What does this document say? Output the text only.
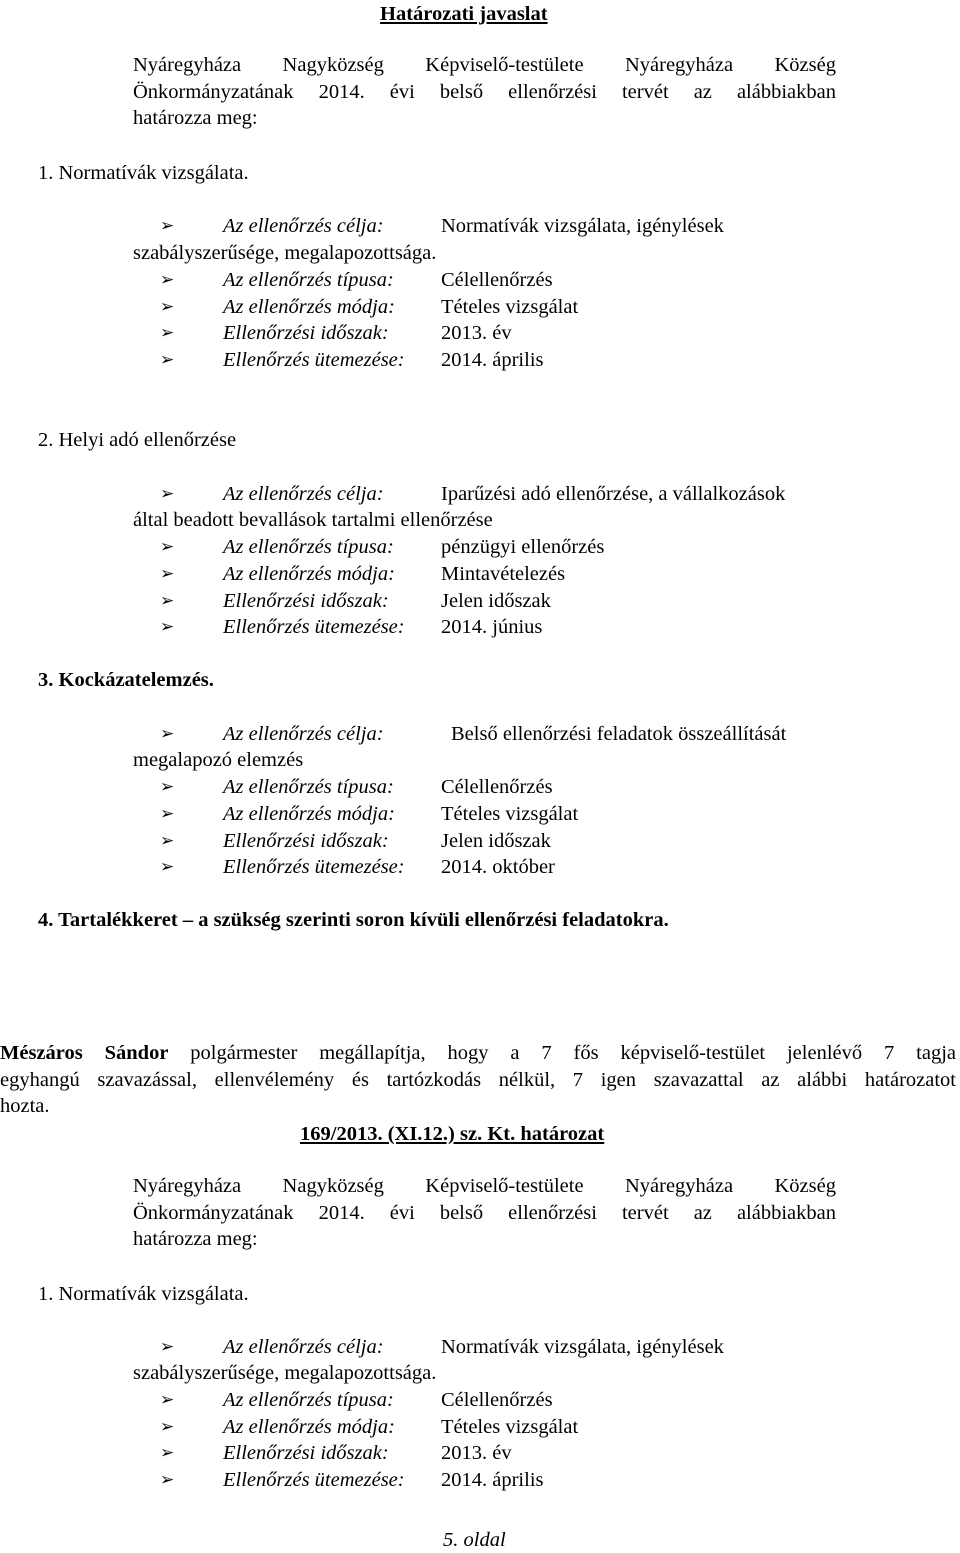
Határozati javaslat
Nyáregyháza Nagyközség Képviselő-testülete Nyáregyháza Község
Önkormányzatának 2014. évi belső ellenőrzési tervét az alábbiakban
határozza meg:
1. Normatívák vizsgálata.
➢ Az ellenőrzés célja:	Normatívák vizsgálata, igénylések
szabályszerűsége, megalapozottsága.
➢ Az ellenőrzés típusa: Célellenőrzés
➢ Az ellenőrzés módja: Tételes vizsgálat
➢ Ellenőrzési időszak:	2013. év
➢ Ellenőrzés ütemezése: 2014. április
2. Helyi adó ellenőrzése
➢ Az ellenőrzés célja:	Iparűzési adó ellenőrzése, a vállalkozások
által beadott bevallások tartalmi ellenőrzése
➢ Az ellenőrzés típusa: pénzügyi ellenőrzés
➢ Az ellenőrzés módja: Mintavételezés
➢ Ellenőrzési időszak:	Jelen időszak
➢ Ellenőrzés ütemezése: 2014. június
3. Kockázatelemzés.
➢ Az ellenőrzés célja:	Belső ellenőrzési feladatok összeállítását
megalapozó elemzés
➢ Az ellenőrzés típusa: Célellenőrzés
➢ Az ellenőrzés módja: Tételes vizsgálat
➢ Ellenőrzési időszak:	Jelen időszak
➢ Ellenőrzés ütemezése: 2014. október
4. Tartalékkeret – a szükség szerinti soron kívüli ellenőrzési feladatokra.
Mészáros Sándor polgármester megállapítja, hogy a 7 fős képviselő-testület jelenlévő 7 tagja
egyhangú szavazással, ellenvélemény és tartózkodás nélkül, 7 igen szavazattal az alábbi határozatot
hozta.
169/2013. (XI.12.) sz. Kt. határozat
Nyáregyháza Nagyközség Képviselő-testülete Nyáregyháza Község
Önkormányzatának 2014. évi belső ellenőrzési tervét az alábbiakban
határozza meg:
1. Normatívák vizsgálata.
➢ Az ellenőrzés célja:	Normatívák vizsgálata, igénylések
szabályszerűsége, megalapozottsága.
➢ Az ellenőrzés típusa: Célellenőrzés
➢ Az ellenőrzés módja: Tételes vizsgálat
➢ Ellenőrzési időszak:	2013. év
➢ Ellenőrzés ütemezése: 2014. április
5. oldal
